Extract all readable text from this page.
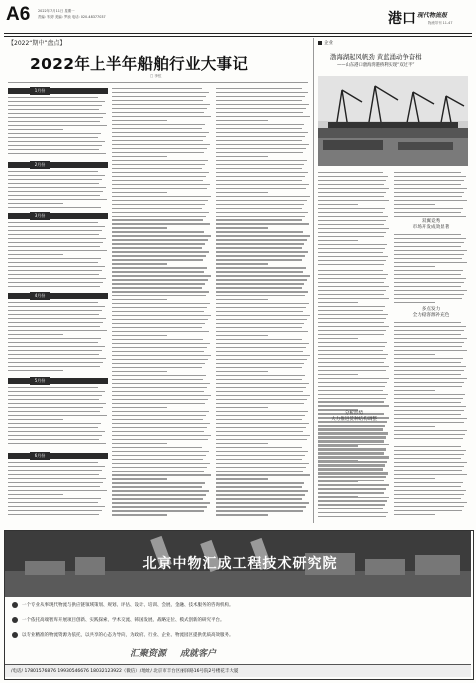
A6 2022年7月11日 星期一
责编: 朱婷 美编: 罗祯 电话: 020-48377037	港口 现代物流报
物流导刊 11-47
【2022“期中”盘点】
2022年上半年船舶行业大事记
□ 李弦
1月份
2月份
3月份
4月份
5月份
6月份
企业
渤海湖起风帆劲 黄蓝涌动争奋楫
——山东港口渤海湾港桥利实现“双过半”
双翼竞秀
市场开发成效显著
多点发力
全力稳客源补充色
分析形势
大力推进货种结构调整
北京中物汇成工程技术研究院
一个专业从事现代物流与供应链领域策划、规划、评估、设计、培训、会展、金融、技术服务的咨询机构。
一个依托高端智库开展项目创新、实践探索、学术交流、韩国发展、战略定位、模式创新的研究平台。
以专业精准的物流资源为依托，以共享的心态为导向，为政府、行业、企业、物流园区提供优质高效服务。
汇聚资源 成就客户
/电话/ 17801576876 19930546676 18032123922（微信）/地址/ 北京市丰台区丽泽路16号院2号楼花丰大厦
